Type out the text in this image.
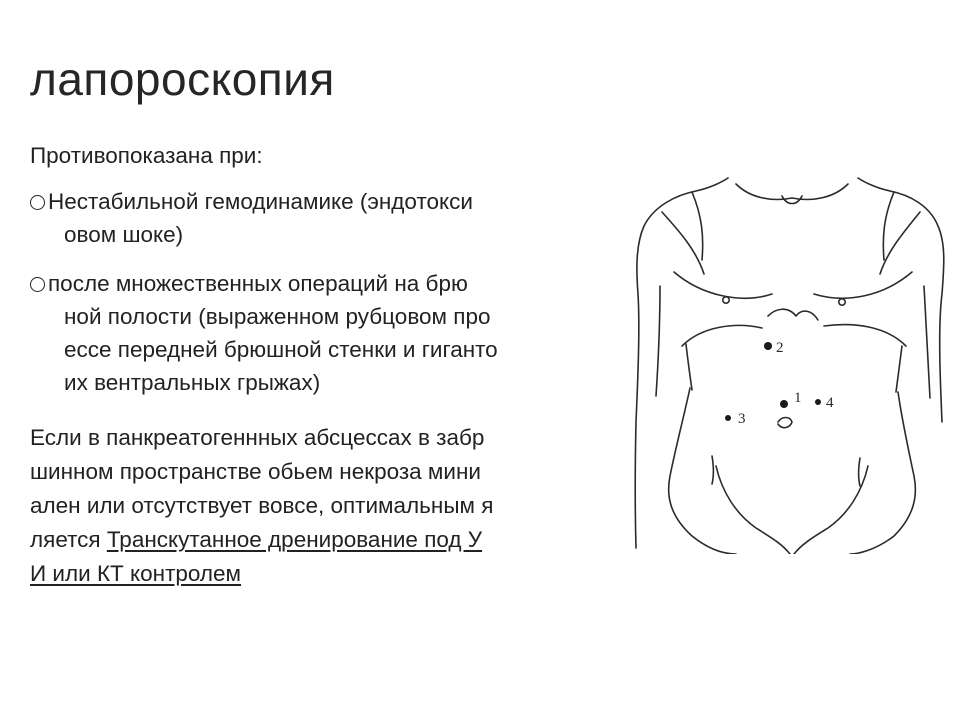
лапороскопия

Противопоказана при:

Нестабильной гемодинамике (эндотокси
овом шоке)
после множественных операций на брю
ной полости (выраженном рубцовом про
ессе передней брюшной стенки и гиганто
их вентральных грыжах)
Если в панкреатогеннных абсцессах в забр
шинном пространстве обьем некроза мини
ален или отсутствует вовсе, оптимальным я
ляется Транскутанное дренирование под У
И или КТ контролем
1
2
3
4
